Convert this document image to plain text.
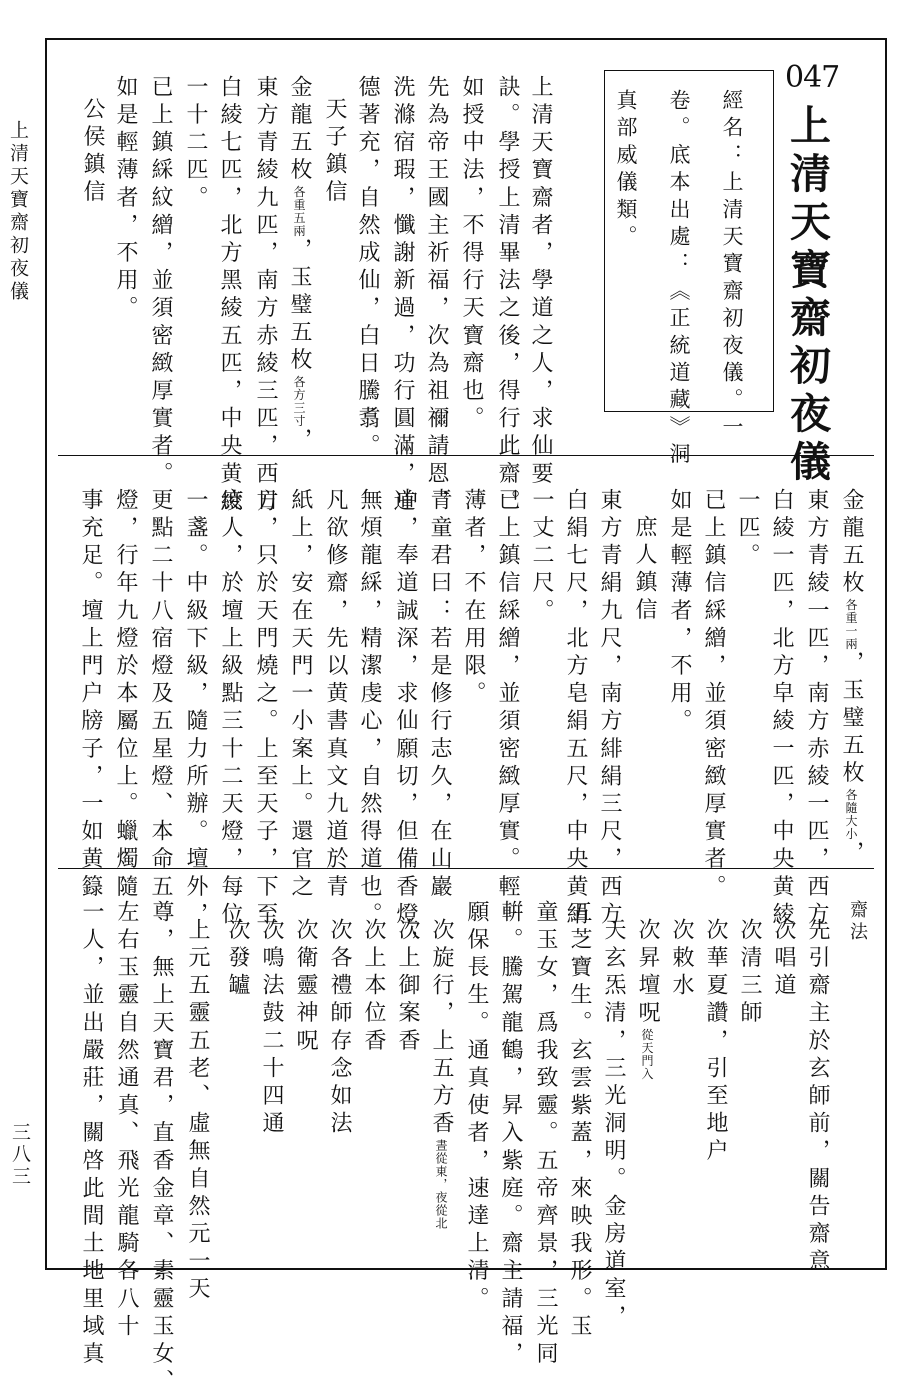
上清天寶齋初夜儀
三八三
047
上清天寶齋初夜儀
經名：上清天寶齋初夜儀。一
卷。底本出處：《正統道藏》洞
真部威儀類。
上清天寶齋者，學道之人，求仙要
訣。學授上清畢法之後，得行此齋。
如授中法，不得行天寶齋也。
先為帝王國主祈福，次為祖禰請恩，
洗滌宿瑕，懺謝新過，功行圓滿，道
德著充，自然成仙，白日騰翥。
天子鎮信
金龍五枚各重五兩，玉璧五枚各方三寸，
東方青綾九匹，南方赤綾三匹，西方
白綾七匹，北方黑綾五匹，中央黄綾
一十二匹。
已上鎮綵紋繒，並須密緻厚實者。
如是輕薄者，不用。
公侯鎮信
金龍五枚各重一兩，玉璧五枚各隨大小，
東方青綾一匹，南方赤綾一匹，西方
白綾一匹，北方皁綾一匹，中央黄綾
一匹。
已上鎮信綵繒，並須密緻厚實者。
如是輕薄者，不用。
庶人鎮信
東方青絹九尺，南方緋絹三尺，西方
白絹七尺，北方皂絹五尺，中央黄絹
一丈二尺。
已上鎮信綵繒，並須密緻厚實。輕
薄者，不在用限。
青童君曰：若是修行志久，在山巖
中，奉道誠深，求仙願切，但備香燈，
無煩龍綵，精潔虔心，自然得道也。
凡欲修齋，先以黄書真文九道於青
紙上，安在天門一小案上。還官之
日，只於天門燒之。上至天子，下至
庶人，於壇上級點三十二天燈，每位
一盞。中級下級，隨力所辦。壇外，
更點二十八宿燈及五星燈、本命五
燈，行年九燈於本屬位上。蠟燭隨
事充足。壇上門户牓子，一如黄籙
齋法
先引齋主於玄師前，關告齋意
次唱道
次清三師
次華夏讚，引至地户
次敕水
次昇壇呪從天門入
天玄炁清，三光洞明。金房道室，
五芝寶生。玄雲紫蓋，來映我形。玉
童玉女，爲我致靈。五帝齊景，三光同
輧。騰駕龍鶴，昇入紫庭。齋主請福，
願保長生。通真使者，速達上清。
次旋行，上五方香晝從東，夜從北
次上御案香
次上本位香
次各禮師存念如法
次衛靈神呪
次鳴法鼓二十四通
次發罏
上元五靈五老、虛無自然元一天
尊，無上天寶君，直香金章、素靈玉女、
左右玉靈自然通真、飛光龍騎各八十
一人，並出嚴莊，關啓此間土地里域真
